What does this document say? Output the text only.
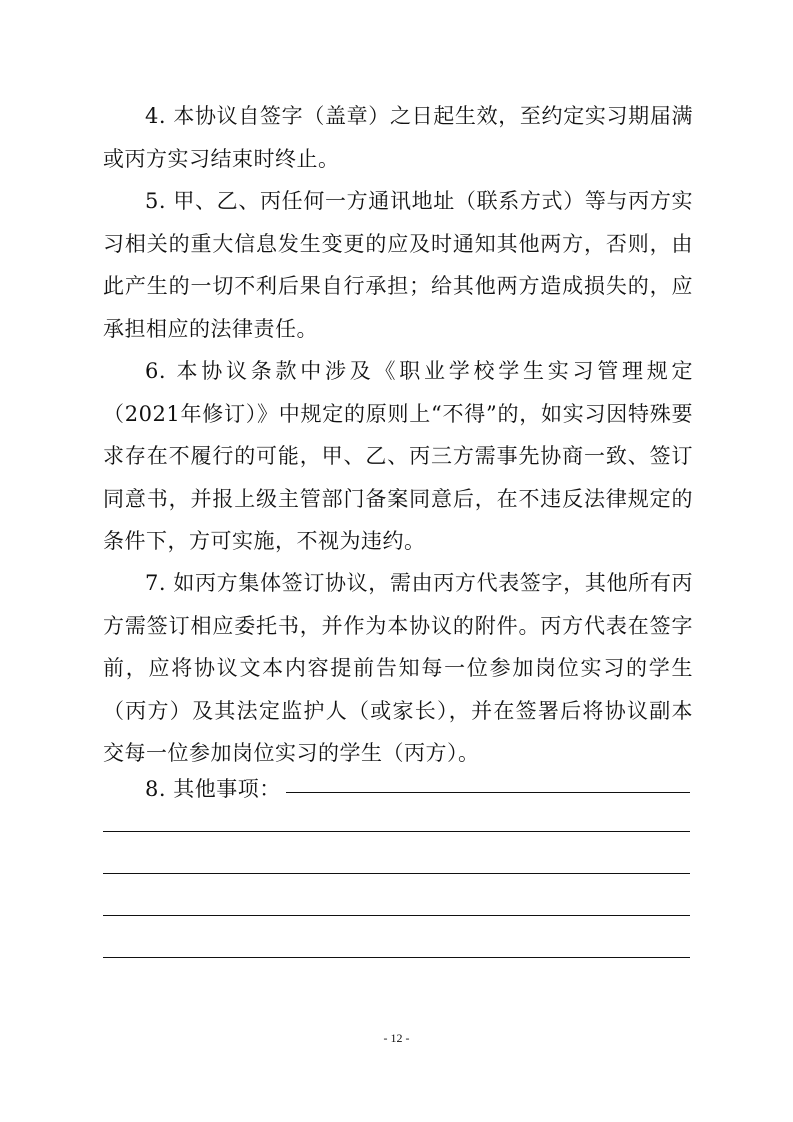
4. 本协议自签字（盖章）之日起生效，至约定实习期届满或丙方实习结束时终止。

5. 甲、乙、丙任何一方通讯地址（联系方式）等与丙方实习相关的重大信息发生变更的应及时通知其他两方，否则，由此产生的一切不利后果自行承担；给其他两方造成损失的，应承担相应的法律责任。

6. 本协议条款中涉及《职业学校学生实习管理规定（2021年修订）》中规定的原则上“不得”的，如实习因特殊要求存在不履行的可能，甲、乙、丙三方需事先协商一致、签订同意书，并报上级主管部门备案同意后，在不违反法律规定的条件下，方可实施，不视为违约。

7. 如丙方集体签订协议，需由丙方代表签字，其他所有丙方需签订相应委托书，并作为本协议的附件。丙方代表在签字前，应将协议文本内容提前告知每一位参加岗位实习的学生（丙方）及其法定监护人（或家长），并在签署后将协议副本交每一位参加岗位实习的学生（丙方）。

8. 其他事项：
- 12 -
